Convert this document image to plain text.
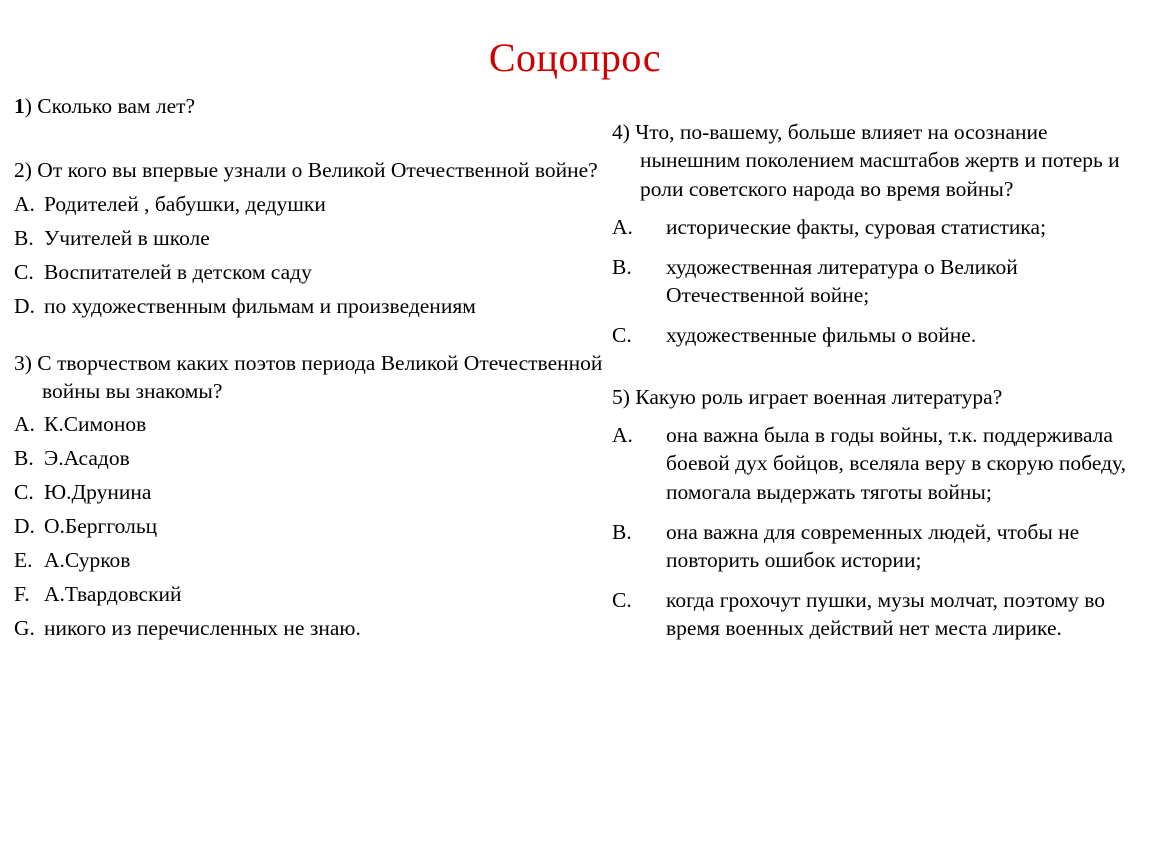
Соцопрос

1) Сколько вам лет?

2) От кого вы впервые узнали о Великой Отечественной войне?

A. Родителей , бабушки, дедушки
B. Учителей в школе
C. Воспитателей в детском саду
D. по художественным фильмам и произведениям

3) С творчеством каких поэтов периода Великой Отечественной войны вы знакомы?

A. К.Симонов
B. Э.Асадов
C. Ю.Друнина
D. О.Берггольц
E. А.Сурков
F. А.Твардовский
G. никого из перечисленных не знаю.

4) Что, по-вашему, больше влияет на осознание нынешним поколением масштабов жертв и потерь и роли советского народа во время войны?

A.	исторические факты, суровая статистика;
B.	художественная литература о Великой Отечественной войне;
C.	художественные фильмы о войне.

5) Какую роль играет военная литература?

A.	она важна была в годы войны, т.к. поддерживала боевой дух бойцов, вселяла веру в скорую победу, помогала выдержать тяготы войны;
B.	она важна для современных людей, чтобы не повторить ошибок истории;
C.	когда грохочут пушки, музы молчат, поэтому во время военных действий нет места лирике.
